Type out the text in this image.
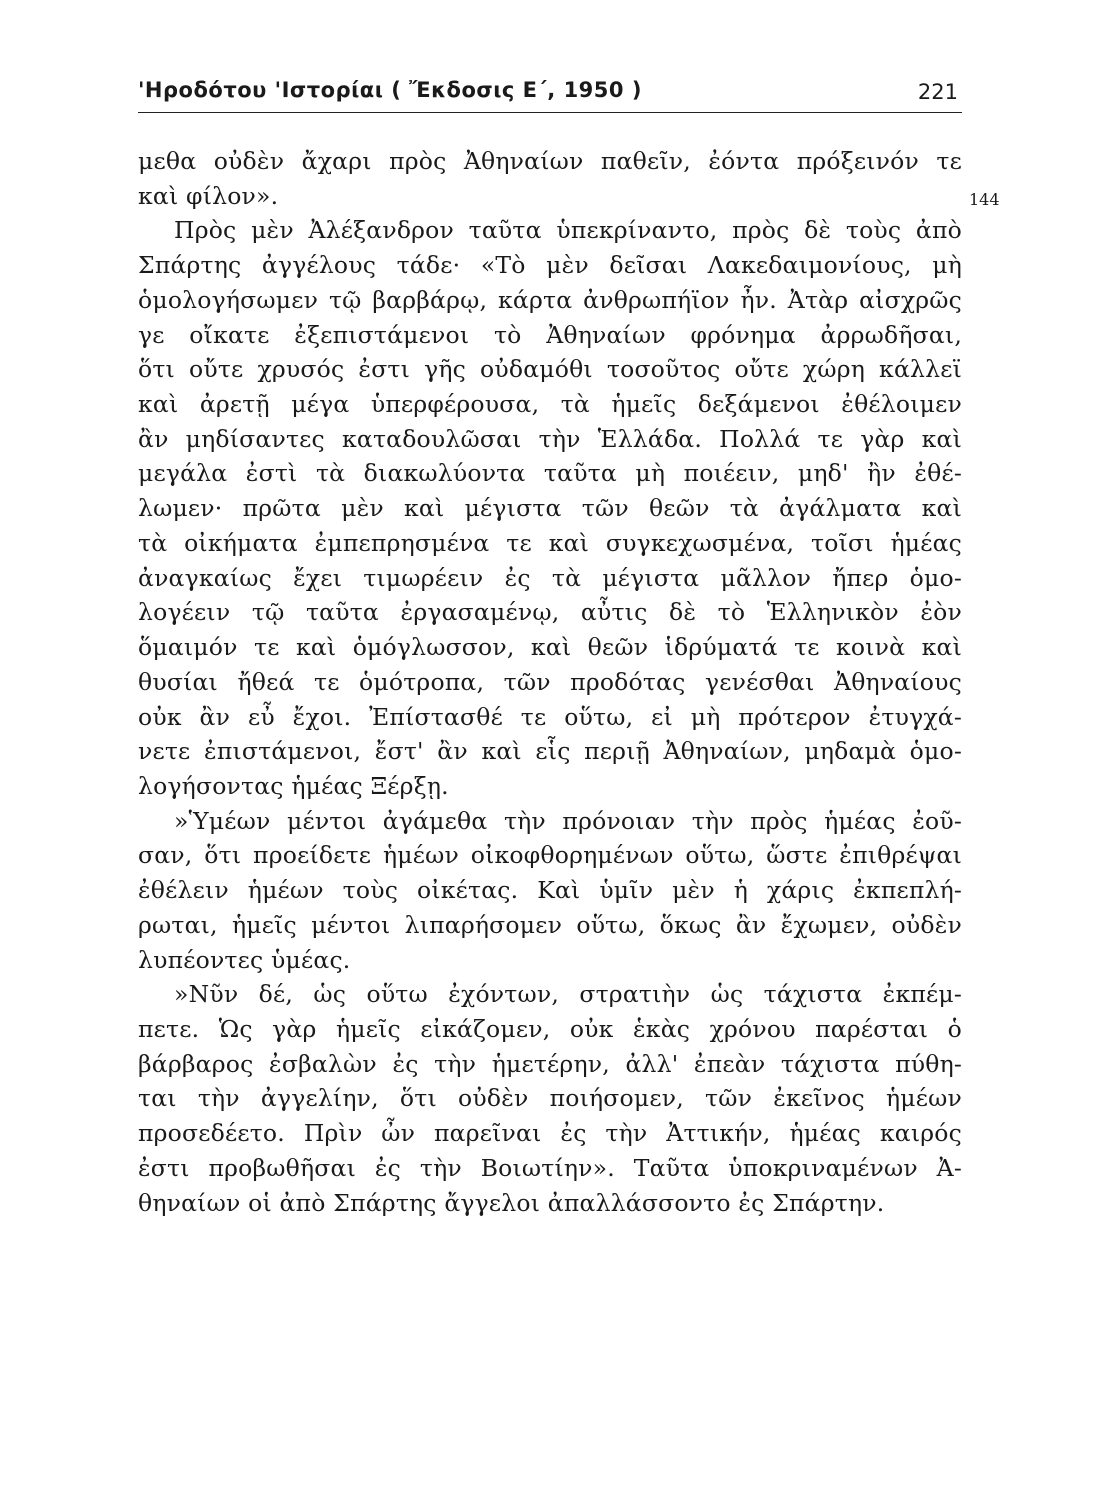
'Ηροδότου 'Ιστορίαι ( Ἔκδοσις Ε΄, 1950 )	221
144
μεθα οὐδὲν ἄχαρι πρὸς Ἀθηναίων παθεῖν, ἐόντα πρόξεινόν τε
καὶ φίλον».
Πρὸς μὲν Ἀλέξανδρον ταῦτα ὑπεκρίναντο, πρὸς δὲ τοὺς ἀπὸ
Σπάρτης ἀγγέλους τάδε· «Τὸ μὲν δεῖσαι Λακεδαιμονίους, μὴ
ὁμολογήσωμεν τῷ βαρβάρῳ, κάρτα ἀνθρωπήϊον ἦν. Ἀτὰρ αἰσχρῶς
γε οἴκατε ἐξεπιστάμενοι τὸ Ἀθηναίων φρόνημα ἀρρωδῆσαι,
ὅτι οὔτε χρυσός ἐστι γῆς οὐδαμόθι τοσοῦτος οὔτε χώρη κάλλεϊ
καὶ ἀρετῇ μέγα ὑπερφέρουσα, τὰ ἡμεῖς δεξάμενοι ἐθέλοιμεν
ἂν μηδίσαντες καταδουλῶσαι τὴν Ἑλλάδα. Πολλά τε γὰρ καὶ
μεγάλα ἐστὶ τὰ διακωλύοντα ταῦτα μὴ ποιέειν, μηδ' ἢν ἐθέ-
λωμεν· πρῶτα μὲν καὶ μέγιστα τῶν θεῶν τὰ ἀγάλματα καὶ
τὰ οἰκήματα ἐμπεπρησμένα τε καὶ συγκεχωσμένα, τοῖσι ἡμέας
ἀναγκαίως ἔχει τιμωρέειν ἐς τὰ μέγιστα μᾶλλον ἤπερ ὁμο-
λογέειν τῷ ταῦτα ἐργασαμένῳ, αὖτις δὲ τὸ Ἑλληνικὸν ἐὸν
ὅμαιμόν τε καὶ ὁμόγλωσσον, καὶ θεῶν ἱδρύματά τε κοινὰ καὶ
θυσίαι ἤθεά τε ὁμότροπα, τῶν προδότας γενέσθαι Ἀθηναίους
οὐκ ἂν εὖ ἔχοι. Ἐπίστασθέ τε οὕτω, εἰ μὴ πρότερον ἐτυγχά-
νετε ἐπιστάμενοι, ἔστ' ἂν καὶ εἷς περιῇ Ἀθηναίων, μηδαμὰ ὁμο-
λογήσοντας ἡμέας Ξέρξῃ.
»Ὑμέων μέντοι ἀγάμεθα τὴν πρόνοιαν τὴν πρὸς ἡμέας ἐοῦ-
σαν, ὅτι προείδετε ἡμέων οἰκοφθορημένων οὕτω, ὥστε ἐπιθρέψαι
ἐθέλειν ἡμέων τοὺς οἰκέτας. Καὶ ὑμῖν μὲν ἡ χάρις ἐκπεπλή-
ρωται, ἡμεῖς μέντοι λιπαρήσομεν οὕτω, ὅκως ἂν ἔχωμεν, οὐδὲν
λυπέοντες ὑμέας.
»Νῦν δέ, ὡς οὕτω ἐχόντων, στρατιὴν ὡς τάχιστα ἐκπέμ-
πετε. Ὡς γὰρ ἡμεῖς εἰκάζομεν, οὐκ ἑκὰς χρόνου παρέσται ὁ
βάρβαρος ἐσβαλὼν ἐς τὴν ἡμετέρην, ἀλλ' ἐπεὰν τάχιστα πύθη-
ται τὴν ἀγγελίην, ὅτι οὐδὲν ποιήσομεν, τῶν ἐκεῖνος ἡμέων
προσεδέετο. Πρὶν ὦν παρεῖναι ἐς τὴν Ἀττικήν, ἡμέας καιρός
ἐστι προβωθῆσαι ἐς τὴν Βοιωτίην». Ταῦτα ὑποκριναμένων Ἀ-
θηναίων οἱ ἀπὸ Σπάρτης ἄγγελοι ἀπαλλάσσοντο ἐς Σπάρτην.
